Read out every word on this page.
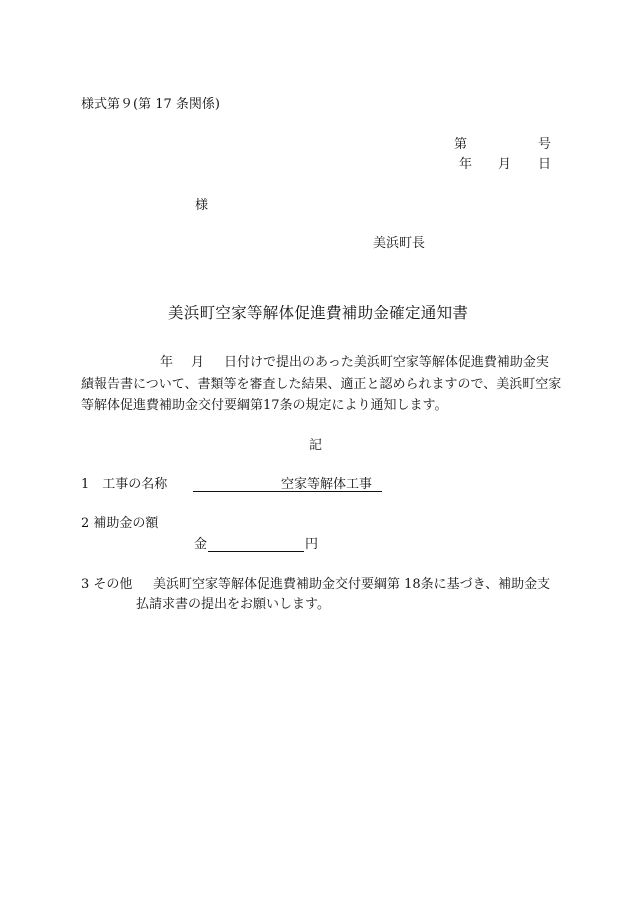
様式第９(第 17 条関係)
第	号
年 月 日
様
美浜町長
美浜町空家等解体促進費補助金確定通知書
年 月 日付けで提出のあった美浜町空家等解体促進費補助金実
績報告書について、書類等を審査した結果、適正と認められますので、美浜町空家
等解体促進費補助金交付要綱第17条の規定により通知します。
記
1　工事の名称	空家等解体工事
2 補助金の額
金	円
3 その他 美浜町空家等解体促進費補助金交付要綱第 18条に基づき、補助金支
払請求書の提出をお願いします。
